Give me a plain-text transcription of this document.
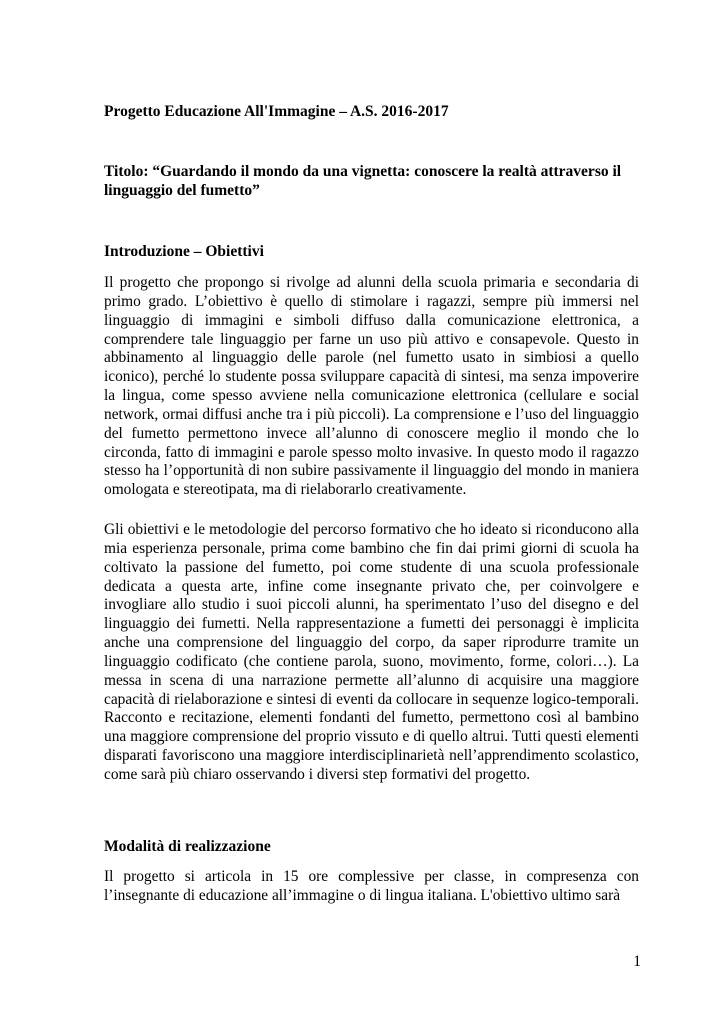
Progetto Educazione All'Immagine – A.S. 2016-2017

Titolo: “Guardando il mondo da una vignetta: conoscere la realtà attraverso il linguaggio del fumetto”

Introduzione – Obiettivi

Il progetto che propongo si rivolge ad alunni della scuola primaria e secondaria di primo grado. L’obiettivo è quello di stimolare i ragazzi, sempre più immersi nel linguaggio di immagini e simboli diffuso dalla comunicazione elettronica, a comprendere tale linguaggio per farne un uso più attivo e consapevole. Questo in abbinamento al linguaggio delle parole (nel fumetto usato in simbiosi a quello iconico), perché lo studente possa sviluppare capacità di sintesi, ma senza impoverire la lingua, come spesso avviene nella comunicazione elettronica (cellulare e social network, ormai diffusi anche tra i più piccoli). La comprensione e l’uso del linguaggio del fumetto permettono invece all’alunno di conoscere meglio il mondo che lo circonda, fatto di immagini e parole spesso molto invasive. In questo modo il ragazzo stesso ha l’opportunità di non subire passivamente il linguaggio del mondo in maniera omologata e stereotipata, ma di rielaborarlo creativamente.

Gli obiettivi e le metodologie del percorso formativo che ho ideato si riconducono alla mia esperienza personale, prima come bambino che fin dai primi giorni di scuola ha coltivato la passione del fumetto, poi come studente di una scuola professionale dedicata a questa arte, infine come insegnante privato che, per coinvolgere e invogliare allo studio i suoi piccoli alunni, ha sperimentato l’uso del disegno e del linguaggio dei fumetti. Nella rappresentazione a fumetti dei personaggi è implicita anche una comprensione del linguaggio del corpo, da saper riprodurre tramite un linguaggio codificato (che contiene parola, suono, movimento, forme, colori…). La messa in scena di una narrazione permette all’alunno di acquisire una maggiore capacità di rielaborazione e sintesi di eventi da collocare in sequenze logico-temporali. Racconto e recitazione, elementi fondanti del fumetto, permettono così al bambino una maggiore comprensione del proprio vissuto e di quello altrui. Tutti questi elementi disparati favoriscono una maggiore interdisciplinarietà nell’apprendimento scolastico, come sarà più chiaro osservando i diversi step formativi del progetto.

Modalità di realizzazione

Il progetto si articola in 15 ore complessive per classe, in compresenza con l’insegnante di educazione all’immagine o di lingua italiana. L'obiettivo ultimo sarà

1
